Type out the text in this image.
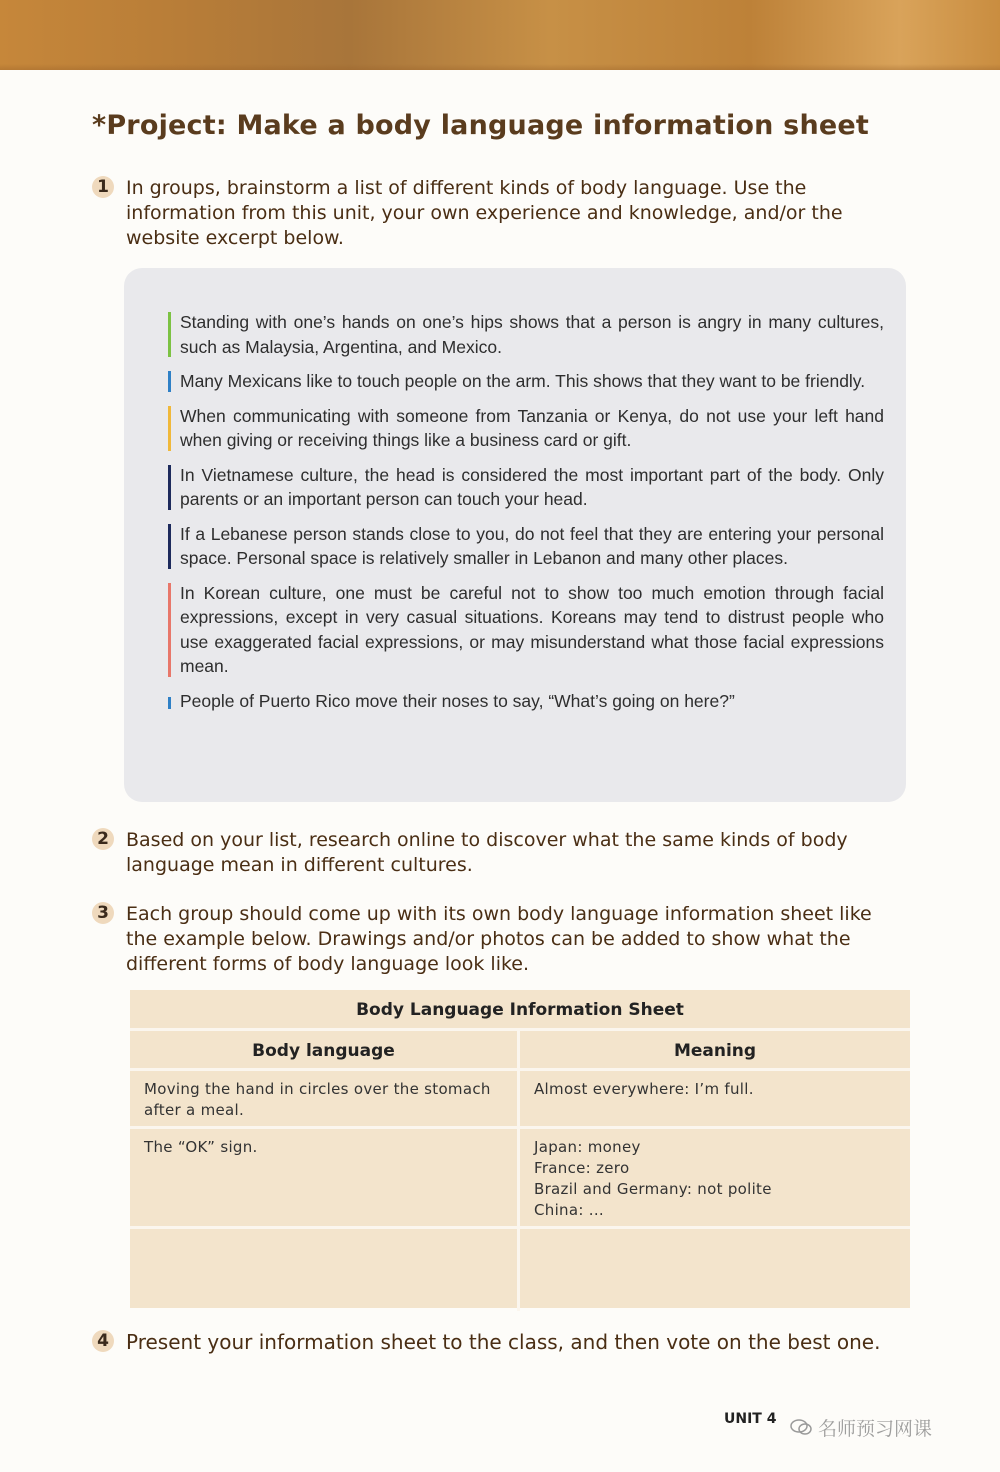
*Project: Make a body language information sheet
1 In groups, brainstorm a list of different kinds of body language. Use the information from this unit, your own experience and knowledge, and/or the website excerpt below.
Standing with one’s hands on one’s hips shows that a person is angry in many cultures, such as Malaysia, Argentina, and Mexico.
Many Mexicans like to touch people on the arm. This shows that they want to be friendly.
When communicating with someone from Tanzania or Kenya, do not use your left hand when giving or receiving things like a business card or gift.
In Vietnamese culture, the head is considered the most important part of the body. Only parents or an important person can touch your head.
If a Lebanese person stands close to you, do not feel that they are entering your personal space. Personal space is relatively smaller in Lebanon and many other places.
In Korean culture, one must be careful not to show too much emotion through facial expressions, except in very casual situations. Koreans may tend to distrust people who use exaggerated facial expressions, or may misunderstand what those facial expressions mean.
People of Puerto Rico move their noses to say, “What’s going on here?”
2 Based on your list, research online to discover what the same kinds of body language mean in different cultures.
3 Each group should come up with its own body language information sheet like the example below. Drawings and/or photos can be added to show what the different forms of body language look like.
Body Language Information Sheet
Body language	Meaning
Moving the hand in circles over the stomach after a meal.
Almost everywhere: I’m full.
The “OK” sign.	Japan: money
France: zero
Brazil and Germany: not polite
China: ...
4 Present your information sheet to the class, and then vote on the best one.
UNIT 4 名师预习网课
